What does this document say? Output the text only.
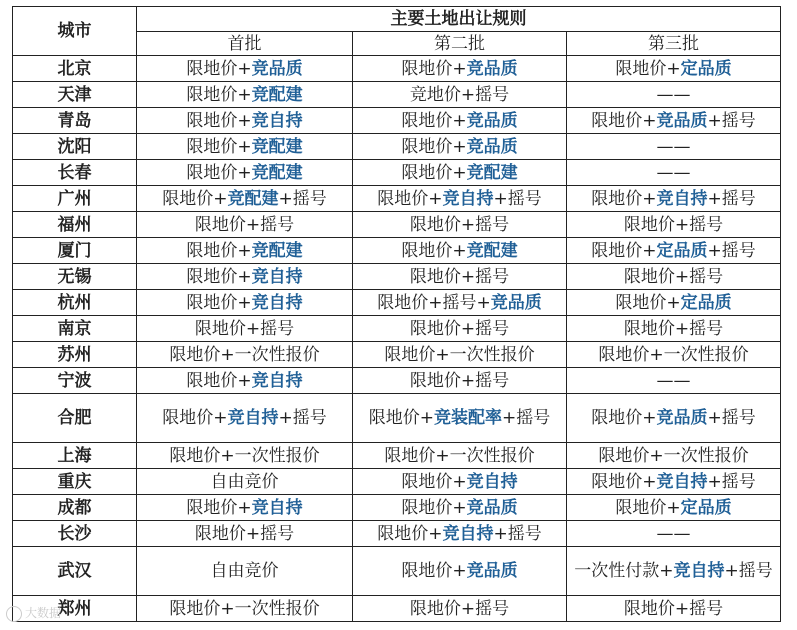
城市	主要土地出让规则		
	首批	第二批	第三批
北京	限地价+竞品质	限地价+竞品质	限地价+定品质
天津	限地价+竞配建	竞地价+摇号	——
青岛	限地价+竞自持	限地价+竞品质	限地价+竞品质+摇号
沈阳	限地价+竞配建	限地价+竞品质	——
长春	限地价+竞配建	限地价+竞配建	——
广州	限地价+竞配建+摇号	限地价+竞自持+摇号	限地价+竞自持+摇号
福州	限地价+摇号	限地价+摇号	限地价+摇号
厦门	限地价+竞配建	限地价+竞配建	限地价+定品质+摇号
无锡	限地价+竞自持	限地价+摇号	限地价+摇号
杭州	限地价+竞自持	限地价+摇号+竞品质	限地价+定品质
南京	限地价+摇号	限地价+摇号	限地价+摇号
苏州	限地价+一次性报价	限地价+一次性报价	限地价+一次性报价
宁波	限地价+竞自持	限地价+摇号	——
合肥	限地价+竞自持+摇号	限地价+竞装配率+摇号	限地价+竞品质+摇号
上海	限地价+一次性报价	限地价+一次性报价	限地价+一次性报价
重庆	自由竞价	限地价+竞自持	限地价+竞自持+摇号
成都	限地价+竞自持	限地价+竞品质	限地价+定品质
长沙	限地价+摇号	限地价+竞自持+摇号	——
武汉	自由竞价	限地价+竞品质	一次性付款+竞自持+摇号
郑州	限地价+一次性报价	限地价+摇号	限地价+摇号
大数据
